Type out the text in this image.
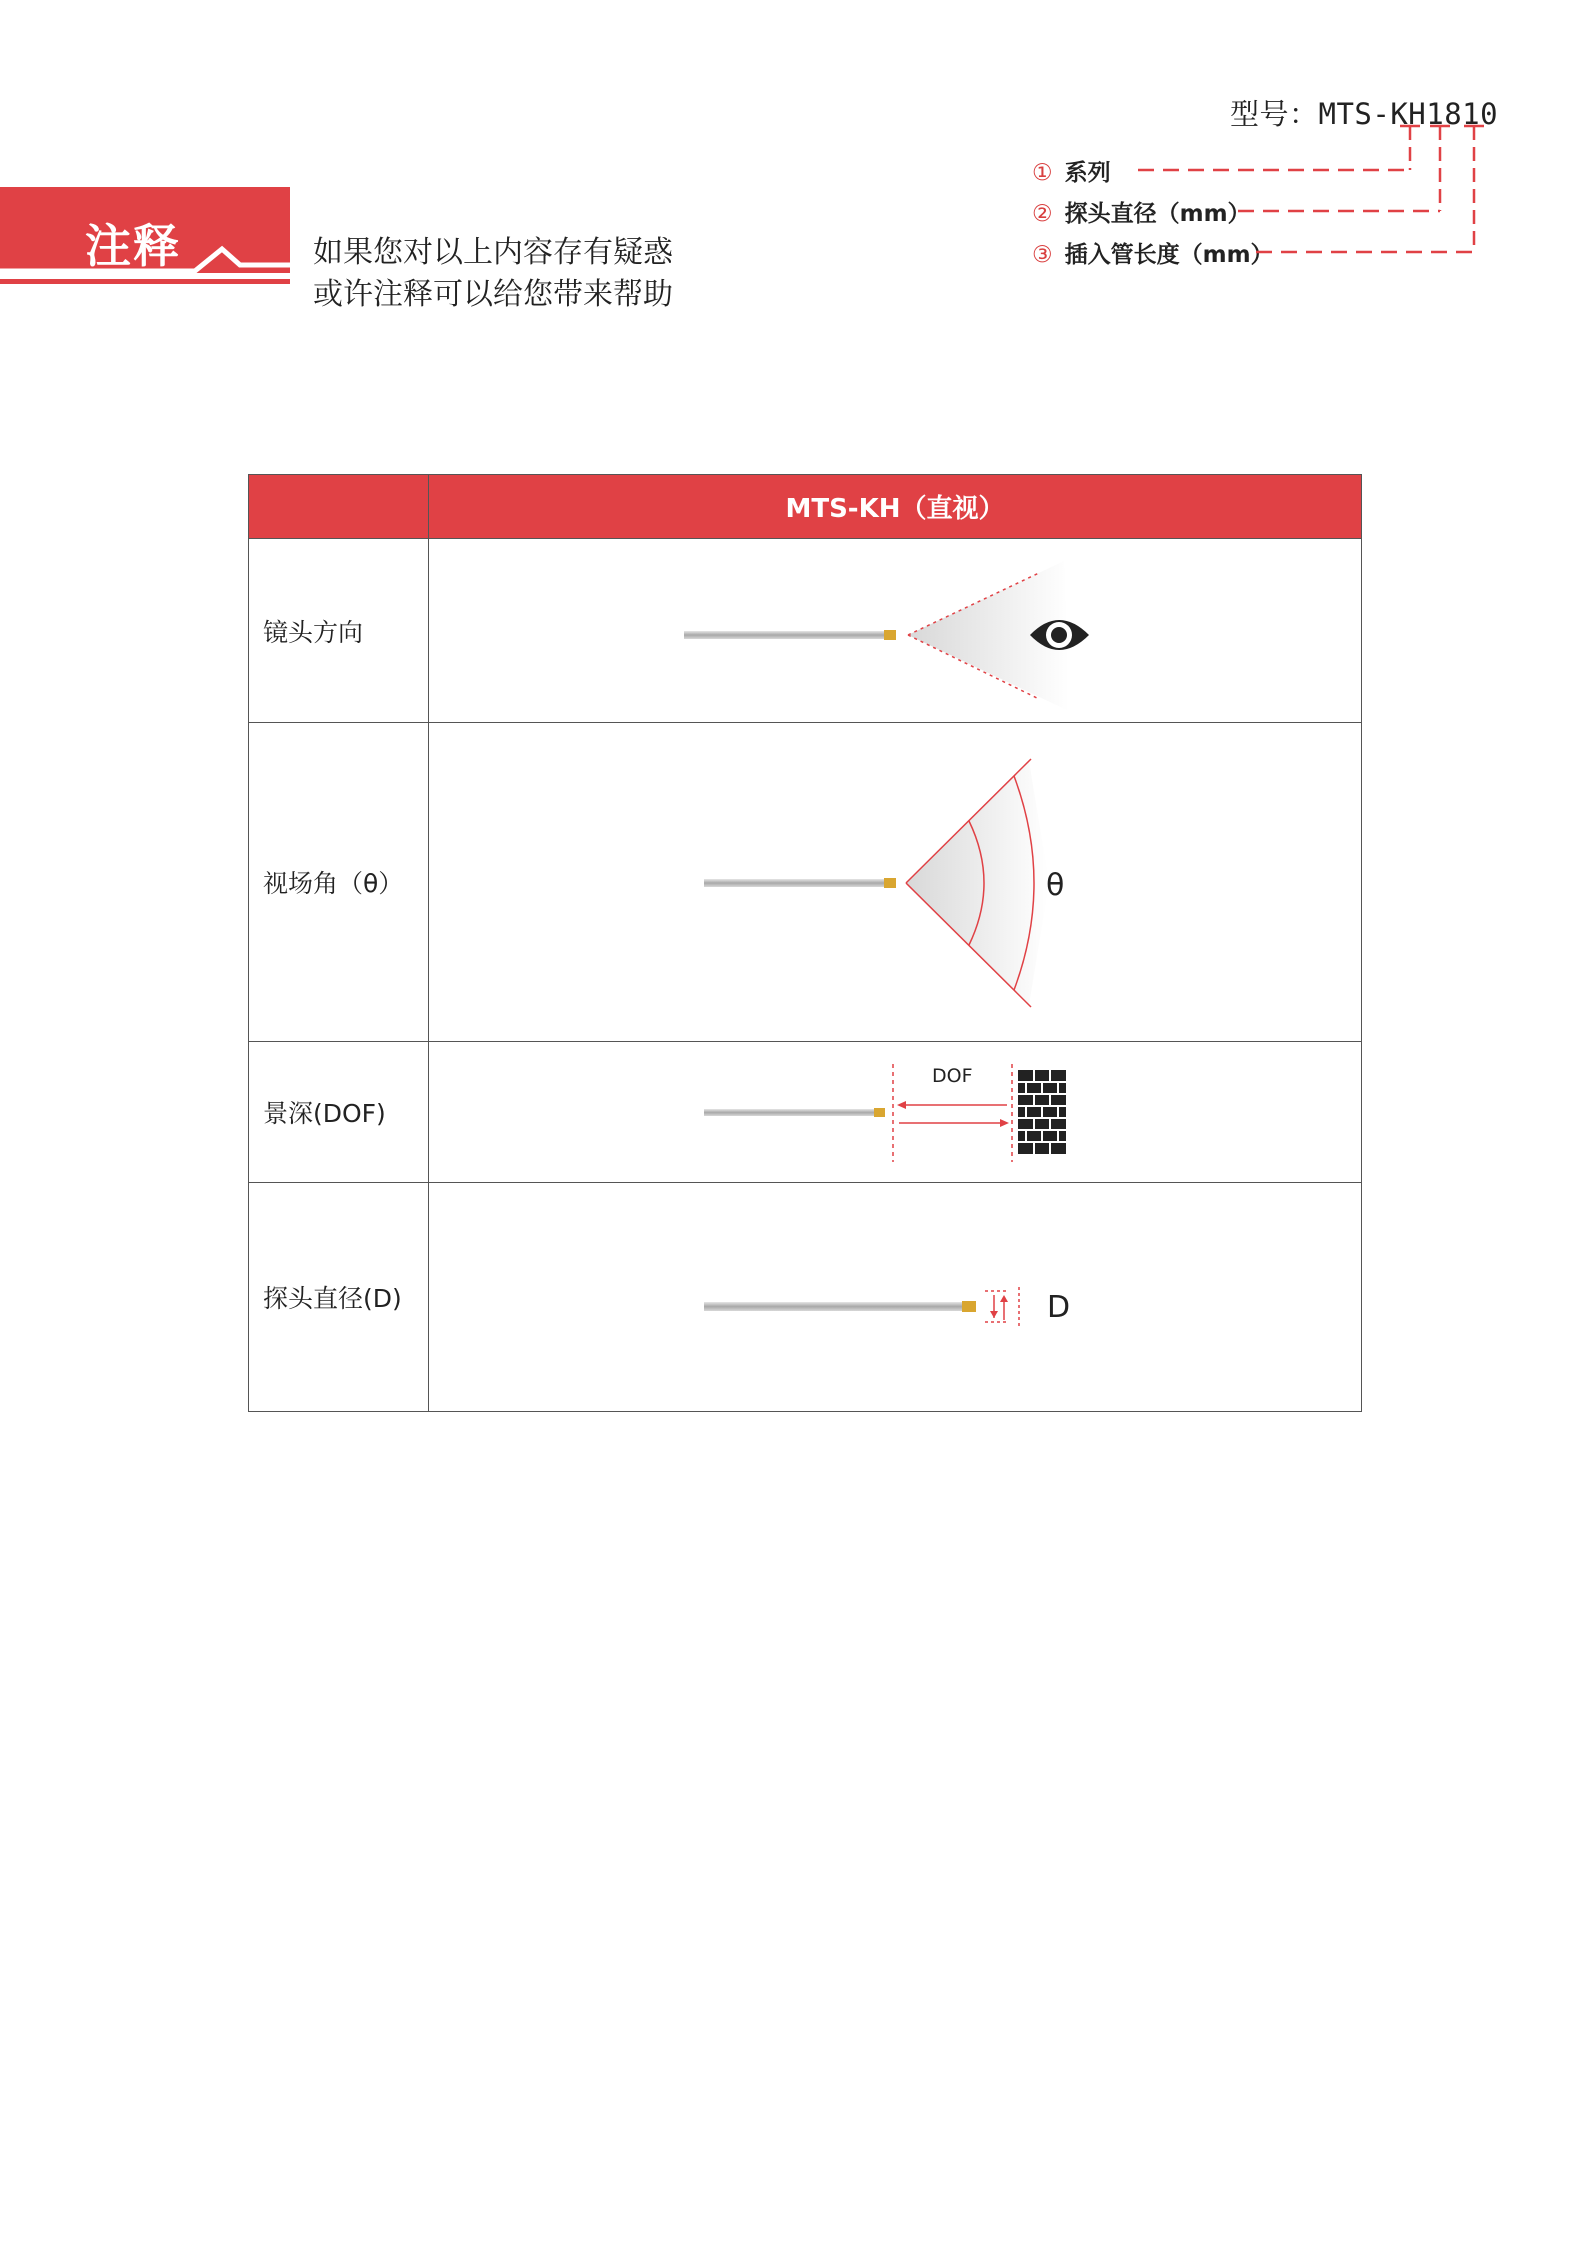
型号：MTS-KH1810
① 系列
② 探头直径（mm）
③ 插入管长度（mm）
注释	如果您对以上内容存有疑惑
或许注释可以给您带来帮助
	MTS-KH（直视）
镜头方向	

视场角（θ）	θ

景深(DOF)	DOF

探头直径(D)	D
